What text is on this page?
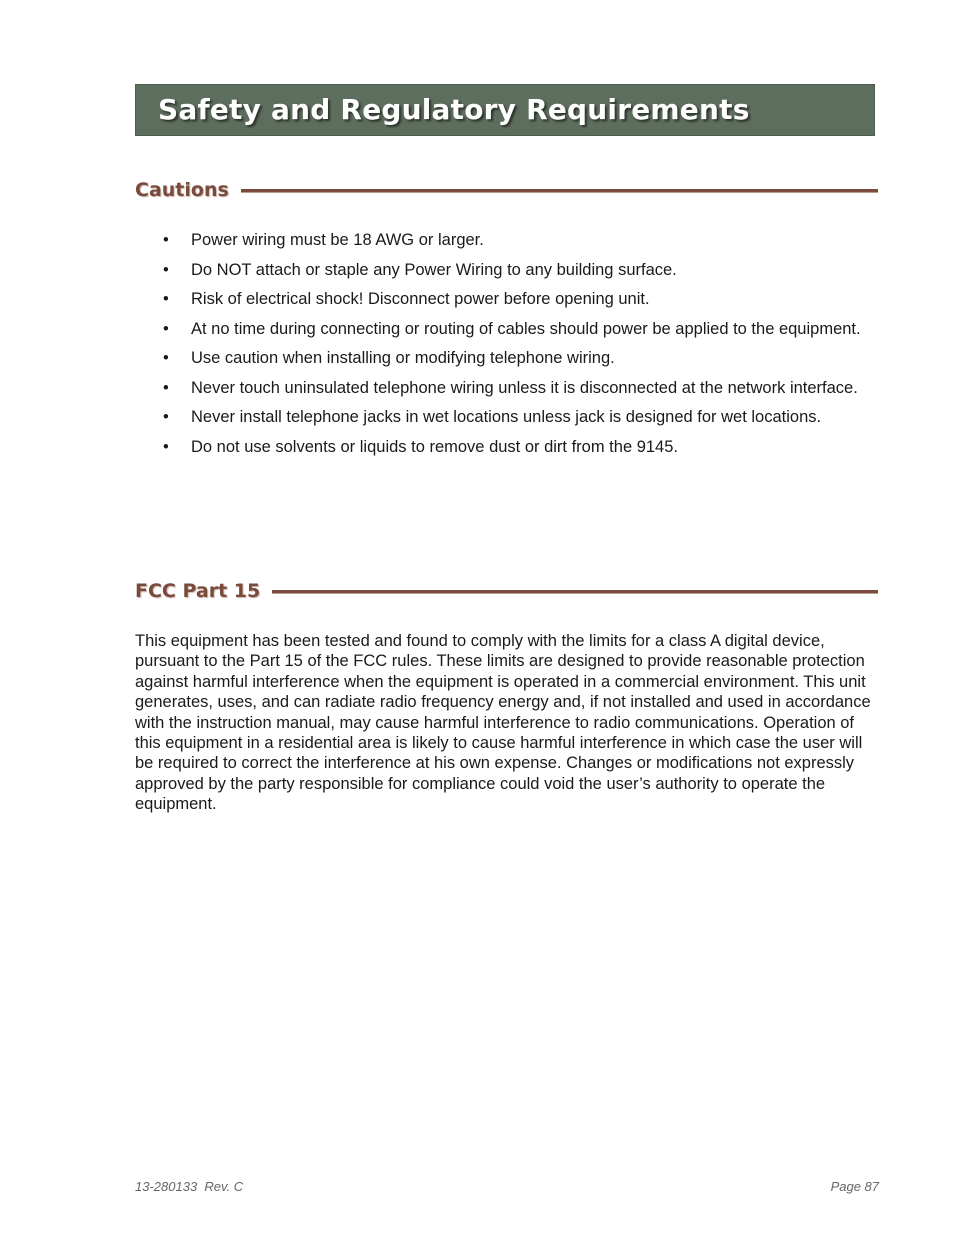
Safety and Regulatory Requirements
Cautions
• Power wiring must be 18 AWG or larger.
• Do NOT attach or staple any Power Wiring to any building surface.
• Risk of electrical shock! Disconnect power before opening unit.
• At no time during connecting or routing of cables should power be applied to the equipment.
• Use caution when installing or modifying telephone wiring.
• Never touch uninsulated telephone wiring unless it is disconnected at the network interface.
• Never install telephone jacks in wet locations unless jack is designed for wet locations.
• Do not use solvents or liquids to remove dust or dirt from the 9145.
FCC Part 15

This equipment has been tested and found to comply with the limits for a class A digital device, pursuant to the Part 15 of the FCC rules. These limits are designed to provide reasonable protection against harmful interference when the equipment is operated in a commercial environment. This unit generates, uses, and can radiate radio frequency energy and, if not installed and used in accordance with the instruction manual, may cause harmful interference to radio communications. Operation of this equipment in a residential area is likely to cause harmful interference in which case the user will be required to correct the interference at his own expense. Changes or modifications not expressly approved by the party responsible for compliance could void the user’s authority to operate the equipment.

13-280133  Rev. C	Page 87
